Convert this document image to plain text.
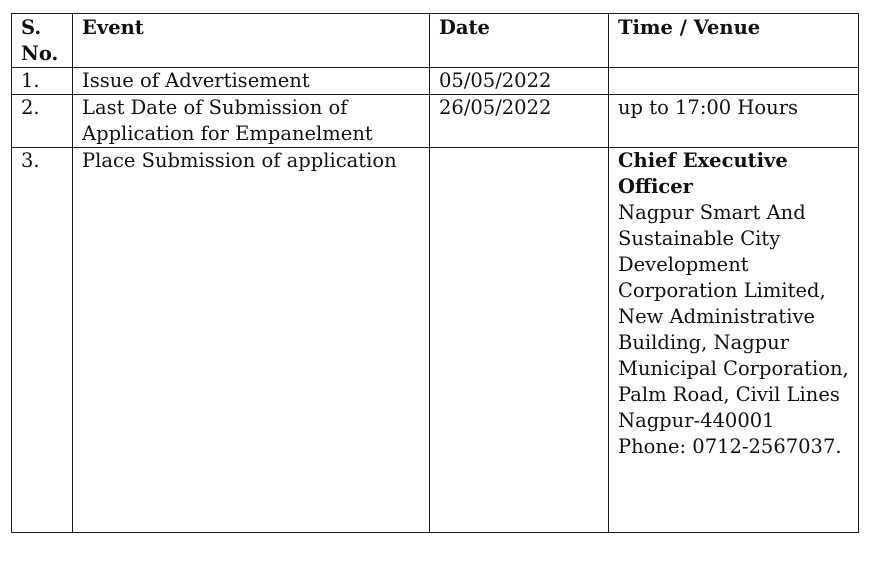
S. No.	Event	Date	Time / Venue
1.	Issue of Advertisement	05/05/2022	
2.	Last Date of Submission of Application for Empanelment	26/05/2022	up to 17:00 Hours
3.	Place Submission of application		Chief Executive Officer
Nagpur Smart And Sustainable City Development Corporation Limited, New Administrative Building, Nagpur Municipal Corporation, Palm Road, Civil Lines
Nagpur-440001
Phone: 0712-2567037.
